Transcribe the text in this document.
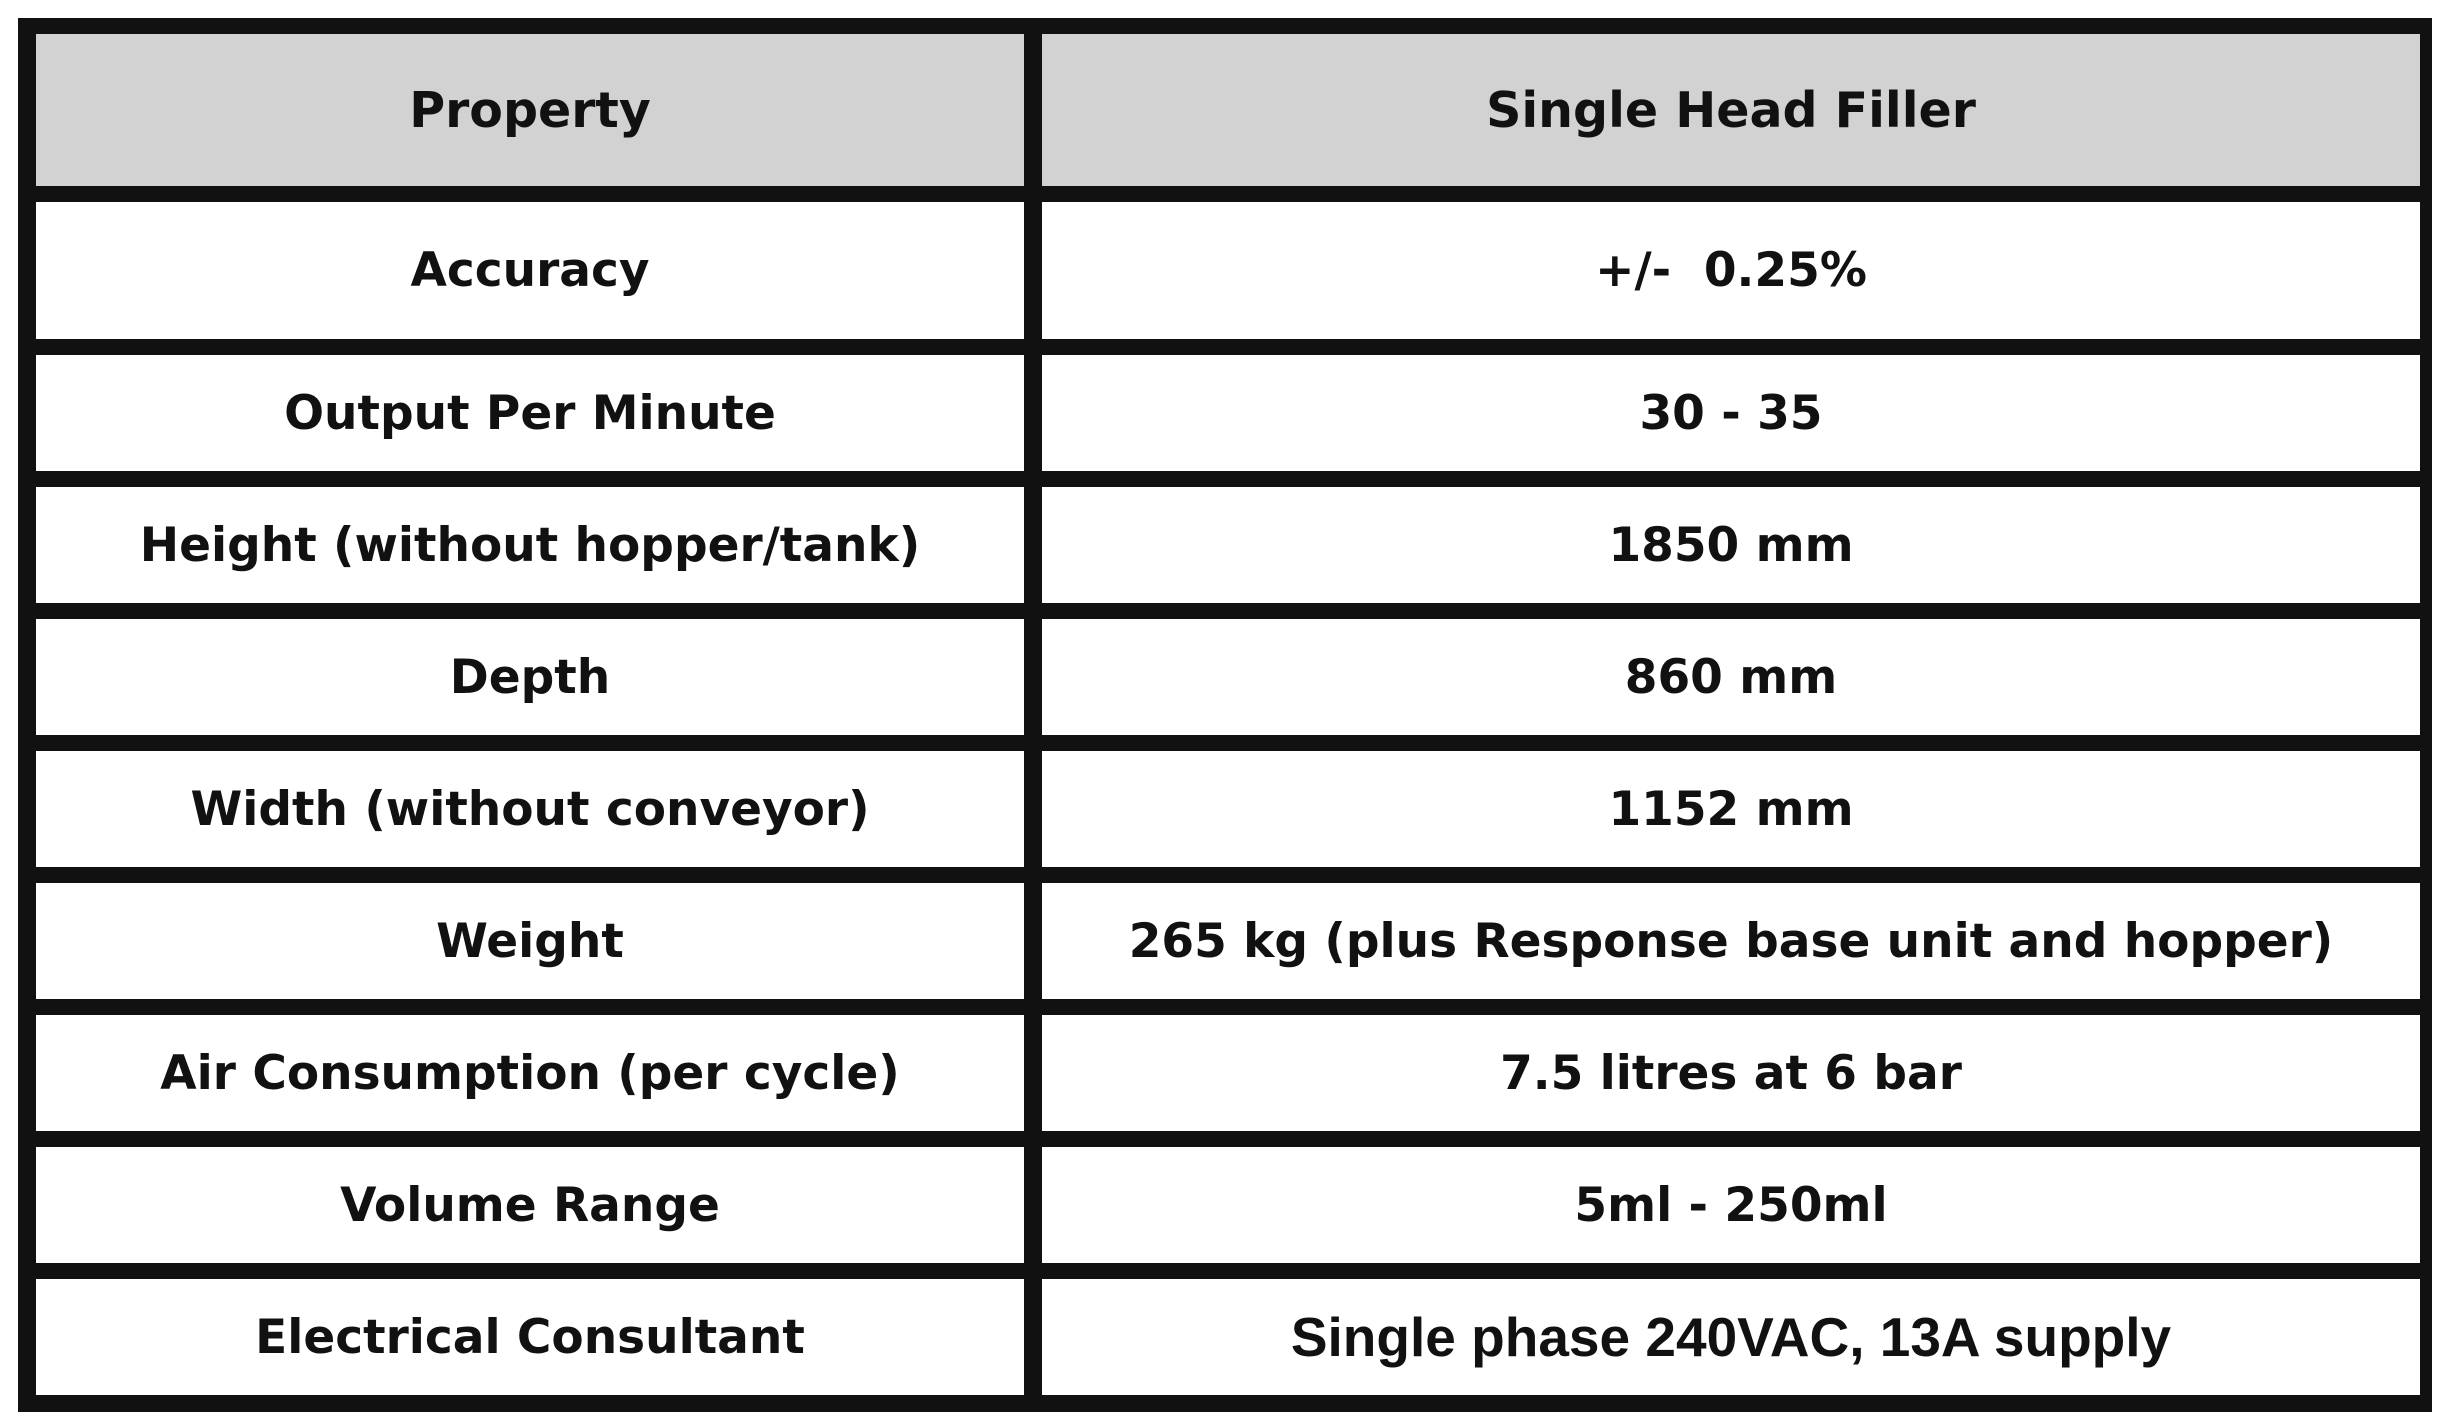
Property	Single Head Filler
Accuracy	+/-  0.25%
Output Per Minute	30 - 35
Height (without hopper/tank)	1850 mm
Depth	860 mm
Width (without conveyor)	1152 mm
Weight	265 kg (plus Response base unit and hopper)
Air Consumption (per cycle)	7.5 litres at 6 bar
Volume Range	5ml - 250ml
Electrical Consultant	Single phase 240VAC, 13A supply
